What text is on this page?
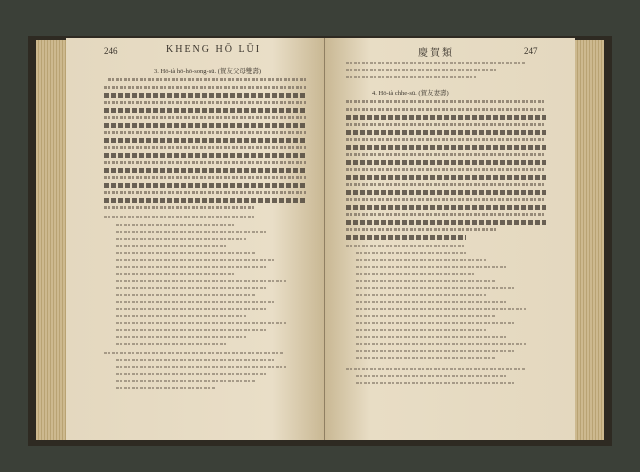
246	KHENG HŌ LŪI
3. Hō-ià hō-hō-song-sū. (賀友父母雙壽)
慶賀類	247
4. Hō-ià chhe-sū. (賀友妻壽)
